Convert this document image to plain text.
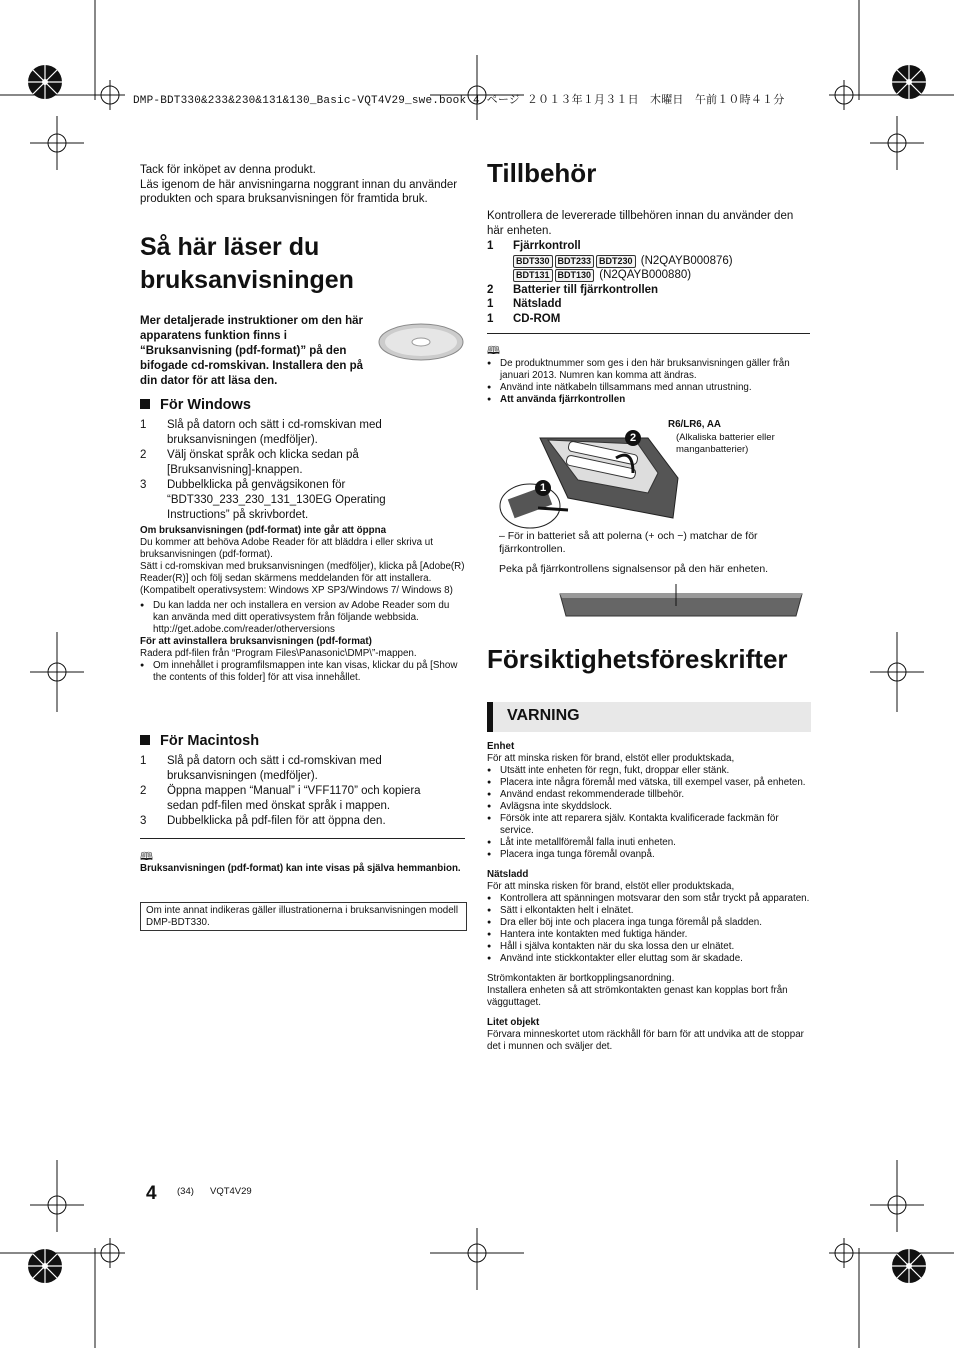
DMP-BDT330&233&230&131&130_Basic-VQT4V29_swe.book 4 ページ ２０１３年１月３１日　木曜日　午前１０時４１分

Tack för inköpet av denna produkt.

Läs igenom de här anvisningarna noggrant innan du använder produkten och spara bruksanvisningen för framtida bruk.

Så här läser du bruksanvisningen

Mer detaljerade instruktioner om den här apparatens funktion finns i “Bruksanvisning (pdf-format)” på den bifogade cd-romskivan. Installera den på din dator för att läsa den.

För Windows
1 Slå på datorn och sätt i cd-romskivan med bruksanvisningen (medföljer).
2 Välj önskat språk och klicka sedan på [Bruksanvisning]-knappen.
3 Dubbelklicka på genvägsikonen för “BDT330_233_230_131_130EG Operating Instructions” på skrivbordet.

Om bruksanvisningen (pdf-format) inte går att öppna

Du kommer att behöva Adobe Reader för att bläddra i eller skriva ut bruksanvisningen (pdf-format).

Sätt i cd-romskivan med bruksanvisningen (medföljer), klicka på [Adobe(R) Reader(R)] och följ sedan skärmens meddelanden för att installera.

(Kompatibelt operativsystem: Windows XP SP3/Windows 7/ Windows 8)

● Du kan ladda ner och installera en version av Adobe Reader som du kan använda med ditt operativsystem från följande webbsida.
http://get.adobe.com/reader/otherversions

För att avinstallera bruksanvisningen (pdf-format)

Radera pdf-filen från “Program Files\Panasonic\DMP\”-mappen.

● Om innehållet i programfilsmappen inte kan visas, klickar du på [Show the contents of this folder] för att visa innehållet.
För Macintosh
1 Slå på datorn och sätt i cd-romskivan med bruksanvisningen (medföljer).
2 Öppna mappen “Manual” i “VFF1170” och kopiera sedan pdf-filen med önskat språk i mappen.
3 Dubbelklicka på pdf-filen för att öppna den.
🕮

Bruksanvisningen (pdf-format) kan inte visas på själva hemmanbion.

Om inte annat indikeras gäller illustrationerna i bruksanvisningen modell DMP-BDT330.

Tillbehör

Kontrollera de levererade tillbehören innan du använder den här enheten.

1 Fjärrkontroll
BDT330 BDT233 BDT230 (N2QAYB000876)
BDT131 BDT130 (N2QAYB000880)
2 Batterier till fjärrkontrollen
1 Nätsladd
1 CD-ROM
🕮
● De produktnummer som ges i den här bruksanvisningen gäller från januari 2013. Numren kan komma att ändras.
● Använd inte nätkabeln tillsammans med annan utrustning.
● Att använda fjärrkontrollen
2
1

R6/LR6, AA

(Alkaliska batterier eller manganbatterier)

– För in batteriet så att polerna (+ och −) matchar de för fjärrkontrollen.

Peka på fjärrkontrollens signalsensor på den här enheten.

Försiktighetsföreskrifter
VARNING

Enhet

För att minska risken för brand, elstöt eller produktskada,

● Utsätt inte enheten för regn, fukt, droppar eller stänk.
● Placera inte några föremål med vätska, till exempel vaser, på enheten.
● Använd endast rekommenderade tillbehör.
● Avlägsna inte skyddslock.
● Försök inte att reparera själv. Kontakta kvalificerade fackmän för service.
● Låt inte metallföremål falla inuti enheten.
● Placera inga tunga föremål ovanpå.

Nätsladd

För att minska risken för brand, elstöt eller produktskada,

● Kontrollera att spänningen motsvarar den som står tryckt på apparaten.
● Sätt i elkontakten helt i elnätet.
● Dra eller böj inte och placera inga tunga föremål på sladden.
● Hantera inte kontakten med fuktiga händer.
● Håll i själva kontakten när du ska lossa den ur elnätet.
● Använd inte stickkontakter eller eluttag som är skadade.

Strömkontakten är bortkopplingsanordning.

Installera enheten så att strömkontakten genast kan kopplas bort från vägguttaget.

Litet objekt

Förvara minneskortet utom räckhåll för barn för att undvika att de stoppar det i munnen och sväljer det.

4 (34) VQT4V29
